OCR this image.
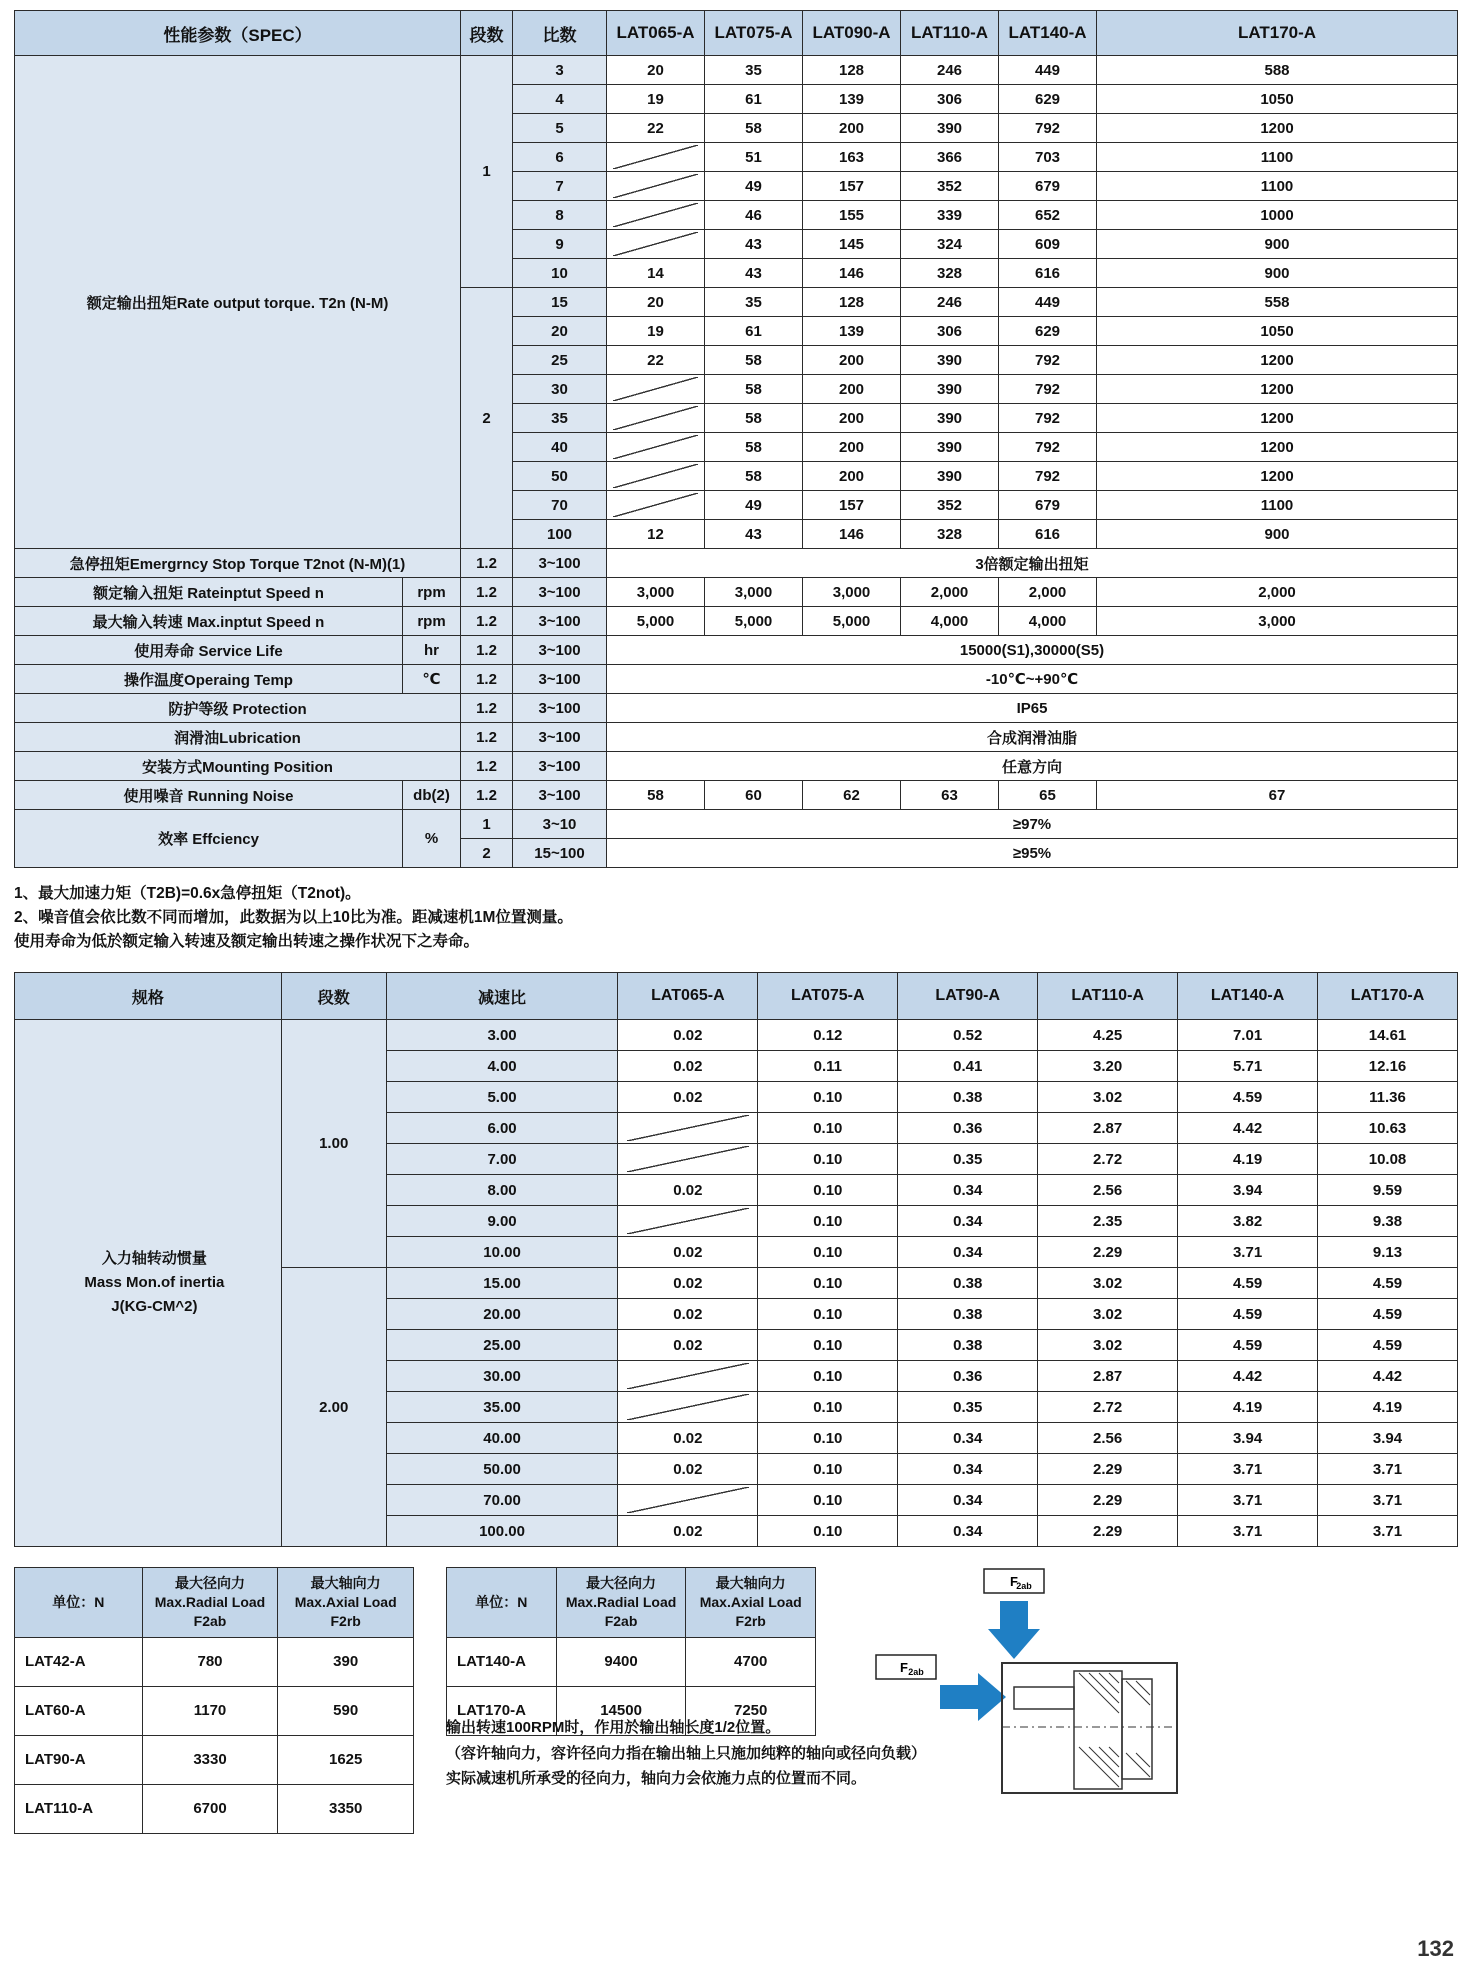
性能参数（SPEC）		段数	比数	LAT065-A	LAT075-A	LAT090-A	LAT110-A	LAT140-A	LAT170-A
额定输出扭矩Rate output torque. T2n (N-M)		1	3	20	35	128	246	449	588
			4	19	61	139	306	629	1050
			5	22	58	200	390	792	1200
			6		51	163	366	703	1100
			7		49	157	352	679	1100
			8		46	155	339	652	1000
			9		43	145	324	609	900
			10	14	43	146	328	616	900
		2	15	20	35	128	246	449	558
			20	19	61	139	306	629	1050
			25	22	58	200	390	792	1200
			30		58	200	390	792	1200
			35		58	200	390	792	1200
			40		58	200	390	792	1200
			50		58	200	390	792	1200
			70		49	157	352	679	1100
			100	12	43	146	328	616	900
急停扭矩Emergrncy Stop Torque T2not (N-M)(1)		1.2	3~100	3倍额定输出扭矩					
额定输入扭矩 Rateinptut Speed n	rpm	1.2	3~100	3,000	3,000	3,000	2,000	2,000	2,000
最大输入转速 Max.inptut Speed n	rpm	1.2	3~100	5,000	5,000	5,000	4,000	4,000	3,000
使用寿命 Service Life	hr	1.2	3~100	15000(S1),30000(S5)					
操作温度Operaing Temp	℃	1.2	3~100	-10℃~+90℃					
防护等级 Protection		1.2	3~100	IP65					
润滑油Lubrication		1.2	3~100	合成润滑油脂					
安装方式Mounting Position		1.2	3~100	任意方向					
使用噪音 Running Noise	db(2)	1.2	3~100	58	60	62	63	65	67
效率 Effciency	%	1	3~10	≥97%					
		2	15~100	≥95%					
1、最大加速力矩（T2B)=0.6x急停扭矩（T2not)。
2、噪音值会依比数不同而增加，此数据为以上10比为准。距减速机1M位置测量。
使用寿命为低於额定输入转速及额定输出转速之操作状况下之寿命。
规格	段数	减速比	LAT065-A	LAT075-A	LAT90-A	LAT110-A	LAT140-A	LAT170-A

入力轴转动惯量
Mass Mon.of inertia
J(KG-CM^2)	1.00	3.00	0.02	0.12	0.52	4.25	7.01	14.61
		4.00	0.02	0.11	0.41	3.20	5.71	12.16
		5.00	0.02	0.10	0.38	3.02	4.59	11.36
		6.00		0.10	0.36	2.87	4.42	10.63
		7.00		0.10	0.35	2.72	4.19	10.08
		8.00	0.02	0.10	0.34	2.56	3.94	9.59
		9.00		0.10	0.34	2.35	3.82	9.38
		10.00	0.02	0.10	0.34	2.29	3.71	9.13
	2.00	15.00	0.02	0.10	0.38	3.02	4.59	4.59
		20.00	0.02	0.10	0.38	3.02	4.59	4.59
		25.00	0.02	0.10	0.38	3.02	4.59	4.59
		30.00		0.10	0.36	2.87	4.42	4.42
		35.00		0.10	0.35	2.72	4.19	4.19
		40.00	0.02	0.10	0.34	2.56	3.94	3.94
		50.00	0.02	0.10	0.34	2.29	3.71	3.71
		70.00		0.10	0.34	2.29	3.71	3.71
		100.00	0.02	0.10	0.34	2.29	3.71	3.71
单位：N	
最大径向力
Max.Radial Load F2ab

最大轴向力
Max.Axial Load F2rb

LAT42-A	780	390
LAT60-A	1170	590
LAT90-A	3330	1625
LAT110-A	6700	3350
单位：N	
最大径向力
Max.Radial Load F2ab

最大轴向力
Max.Axial Load F2rb

LAT140-A	9400	4700
LAT170-A	14500	7250
输出转速100RPM时，作用於输出轴长度1/2位置。
（容许轴向力，容许径向力指在输出轴上只施加纯粹的轴向或径向负载）
实际减速机所承受的径向力，轴向力会依施力点的位置而不同。
F
2ab
F 2ab
132
